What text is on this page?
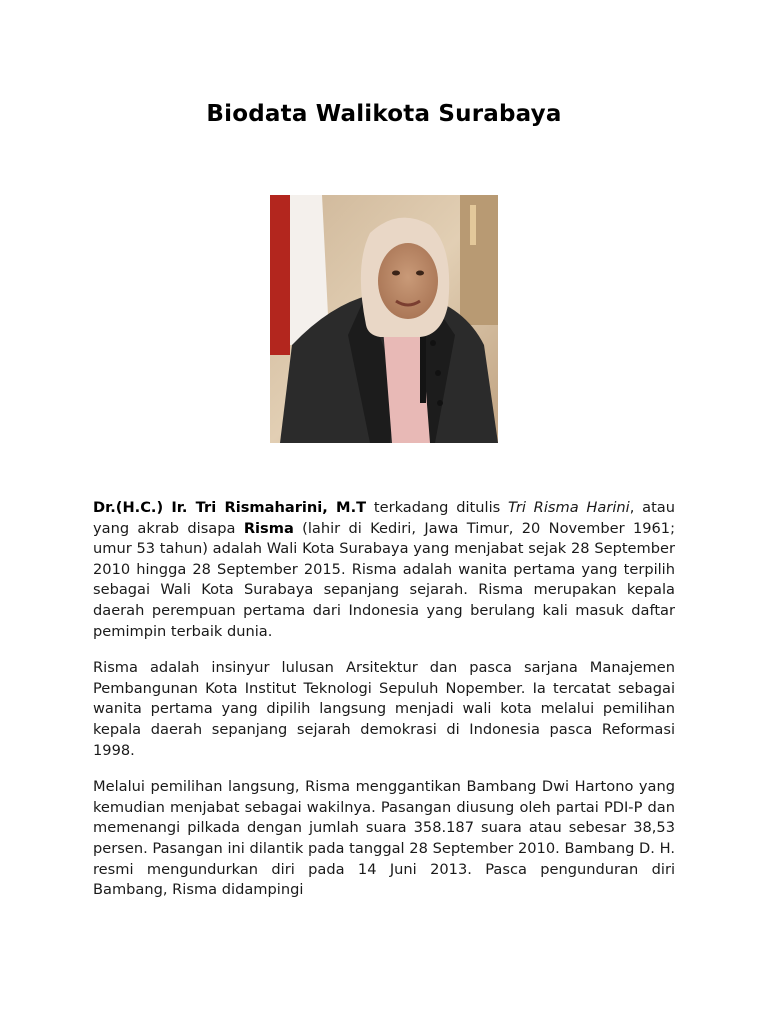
Biodata Walikota Surabaya

Dr.(H.C.) Ir. Tri Rismaharini, M.T terkadang ditulis Tri Risma Harini, atau yang akrab disapa Risma (lahir di Kediri, Jawa Timur, 20 November 1961; umur 53 tahun) adalah Wali Kota Surabaya yang menjabat sejak 28 September 2010 hingga 28 September 2015. Risma adalah wanita pertama yang terpilih sebagai Wali Kota Surabaya sepanjang sejarah. Risma merupakan kepala daerah perempuan pertama dari Indonesia yang berulang kali masuk daftar pemimpin terbaik dunia.

Risma adalah insinyur lulusan Arsitektur dan pasca sarjana Manajemen Pembangunan Kota Institut Teknologi Sepuluh Nopember. Ia tercatat sebagai wanita pertama yang dipilih langsung menjadi wali kota melalui pemilihan kepala daerah sepanjang sejarah demokrasi di Indonesia pasca Reformasi 1998.

Melalui pemilihan langsung, Risma menggantikan Bambang Dwi Hartono yang kemudian menjabat sebagai wakilnya. Pasangan diusung oleh partai PDI-P dan memenangi pilkada dengan jumlah suara 358.187 suara atau sebesar 38,53 persen. Pasangan ini dilantik pada tanggal 28 September 2010. Bambang D. H. resmi mengundurkan diri pada 14 Juni 2013. Pasca pengunduran diri Bambang, Risma didampingi
